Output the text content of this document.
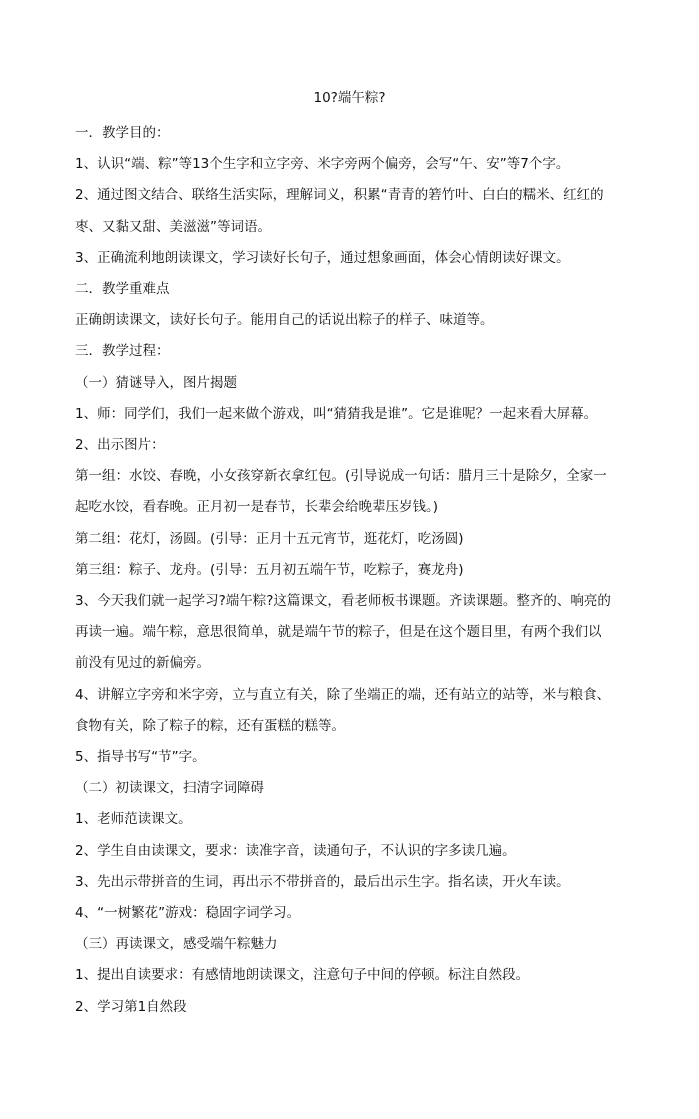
10?端午粽?

一．教学目的：

1、认识“端、粽”等13个生字和立字旁、米字旁两个偏旁，会写“午、安”等7个字。

2、通过图文结合、联络生活实际，理解词义，积累“青青的箬竹叶、白白的糯米、红红的

枣、又黏又甜、美滋滋”等词语。

3、正确流利地朗读课文，学习读好长句子，通过想象画面，体会心情朗读好课文。

二．教学重难点

正确朗读课文，读好长句子。能用自己的话说出粽子的样子、味道等。

三．教学过程：

（一）猜谜导入，图片揭题

1、师：同学们，我们一起来做个游戏，叫“猜猜我是谁”。它是谁呢？一起来看大屏幕。

2、出示图片：

第一组：水饺、春晚，小女孩穿新衣拿红包。(引导说成一句话：腊月三十是除夕，全家一

起吃水饺，看春晚。正月初一是春节，长辈会给晚辈压岁钱。)

第二组：花灯，汤圆。(引导：正月十五元宵节，逛花灯，吃汤圆)

第三组：粽子、龙舟。(引导：五月初五端午节，吃粽子，赛龙舟)

3、今天我们就一起学习?端午粽?这篇课文，看老师板书课题。齐读课题。整齐的、响亮的

再读一遍。端午粽，意思很简单，就是端午节的粽子，但是在这个题目里，有两个我们以

前没有见过的新偏旁。

4、讲解立字旁和米字旁，立与直立有关，除了坐端正的端，还有站立的站等，米与粮食、

食物有关，除了粽子的粽，还有蛋糕的糕等。

5、指导书写“节”字。

（二）初读课文，扫清字词障碍

1、老师范读课文。

2、学生自由读课文，要求：读准字音，读通句子，不认识的字多读几遍。

3、先出示带拼音的生词，再出示不带拼音的，最后出示生字。指名读，开火车读。

4、“一树繁花”游戏：稳固字词学习。

（三）再读课文，感受端午粽魅力

1、提出自读要求：有感情地朗读课文，注意句子中间的停顿。标注自然段。

2、学习第1自然段
